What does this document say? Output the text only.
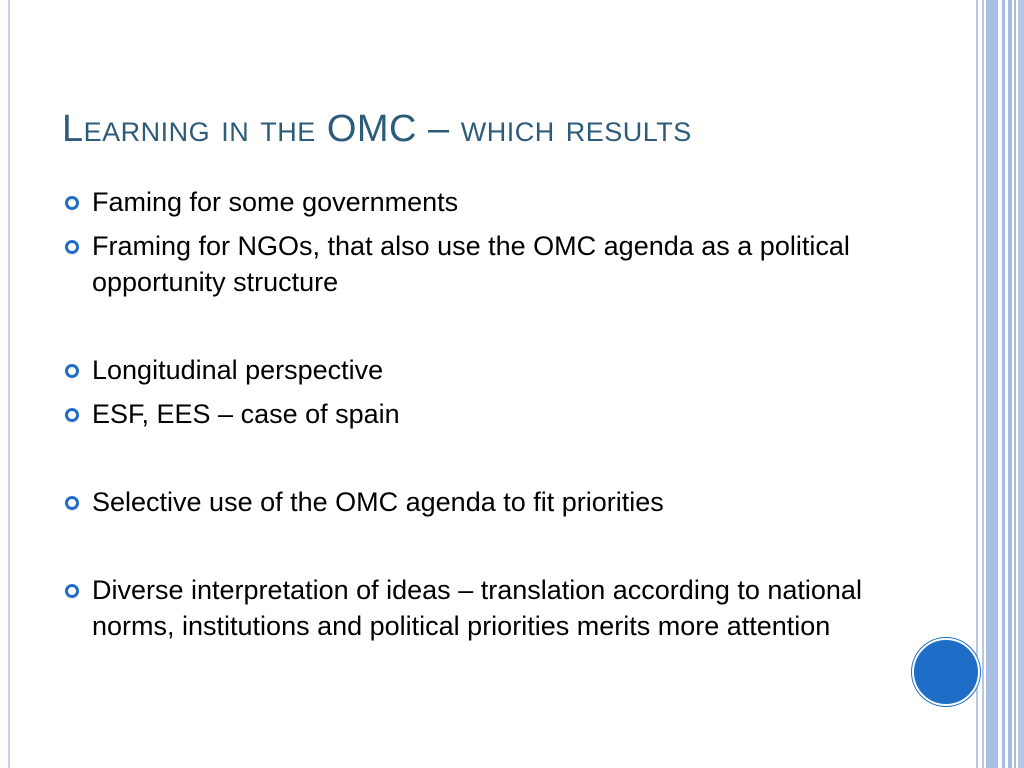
Learning in the OMC – which results
Faming for some governments
Framing for NGOs, that also use the OMC agenda as a political opportunity structure
Longitudinal perspective
ESF, EES – case of spain
Selective use of the OMC agenda to fit priorities
Diverse interpretation of ideas – translation according to national norms, institutions and political priorities merits more attention
